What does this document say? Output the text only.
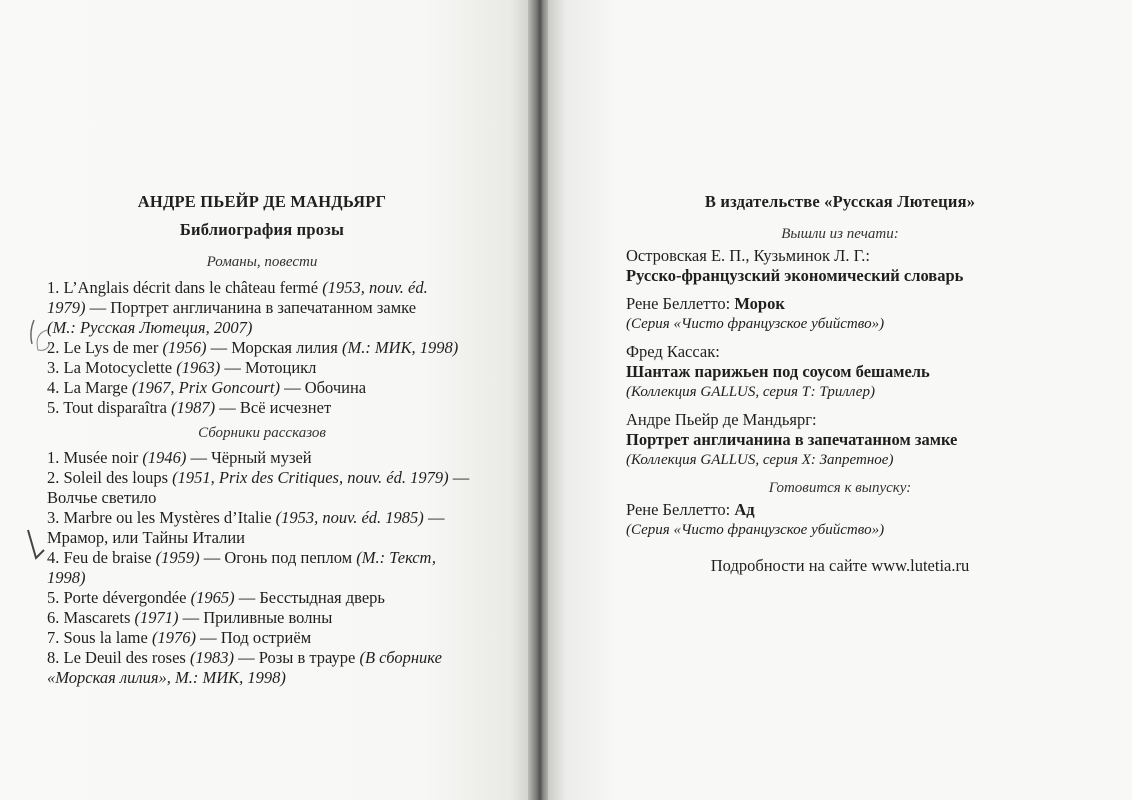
АНДРЕ ПЬЕЙР ДЕ МАНДЬЯРГ
Библиография прозы
Романы, повести
1. L’Anglais décrit dans le château fermé (1953, nouv. éd.
1979) — Портрет англичанина в запечатанном замке
(М.: Русская Лютеция, 2007)
2. Le Lys de mer (1956) — Морская лилия (М.: МИК, 1998)
3. La Motocyclette (1963) — Мотоцикл
4. La Marge (1967, Prix Goncourt) — Обочина
5. Tout disparaîtra (1987) — Всё исчезнет
Сборники рассказов
1. Musée noir (1946) — Чёрный музей
2. Soleil des loups (1951, Prix des Critiques, nouv. éd. 1979) —
Волчье светило
3. Marbre ou les Mystères d’Italie (1953, nouv. éd. 1985) —
Мрамор, или Тайны Италии
4. Feu de braise (1959) — Огонь под пеплом (М.: Текст,
1998)
5. Porte dévergondée (1965) — Бесстыдная дверь
6. Mascarets (1971) — Приливные волны
7. Sous la lame (1976) — Под остриём
8. Le Deuil des roses (1983) — Розы в трауре (В сборнике
«Морская лилия», М.: МИК, 1998)
В издательстве «Русская Лютеция»
Вышли из печати:
Островская Е. П., Кузьминок Л. Г.:
Русско-французский экономический словарь
Рене Беллетто: Морок
(Серия «Чисто французское убийство»)
Фред Кассак:
Шантаж парижьен под соусом бешамель
(Коллекция GALLUS, серия Т: Триллер)
Андре Пьейр де Мандьярг:
Портрет англичанина в запечатанном замке
(Коллекция GALLUS, серия Х: Запретное)
Готовится к выпуску:
Рене Беллетто: Ад
(Серия «Чисто французское убийство»)
Подробности на сайте www.lutetia.ru
